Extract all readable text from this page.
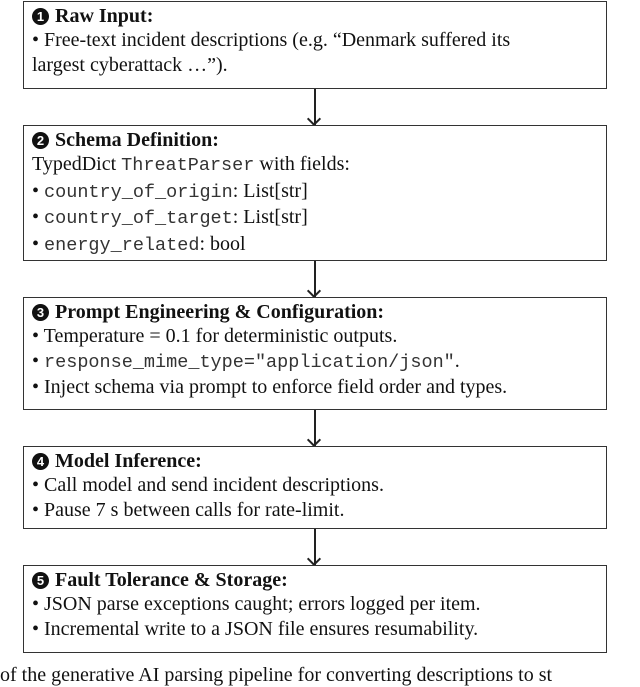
1 Raw Input:
• Free-text incident descriptions (e.g. “Denmark suffered its
largest cyberattack …”).
2 Schema Definition:
TypedDict ThreatParser with fields:
• country_of_origin: List[str]
• country_of_target: List[str]
• energy_related: bool
3 Prompt Engineering & Configuration:
• Temperature = 0.1 for deterministic outputs.
• response_mime_type="application/json".
• Inject schema via prompt to enforce field order and types.
4 Model Inference:
• Call model and send incident descriptions.
• Pause 7 s between calls for rate-limit.
5 Fault Tolerance & Storage:
• JSON parse exceptions caught; errors logged per item.
• Incremental write to a JSON file ensures resumability.
of the generative AI parsing pipeline for converting descriptions to st
